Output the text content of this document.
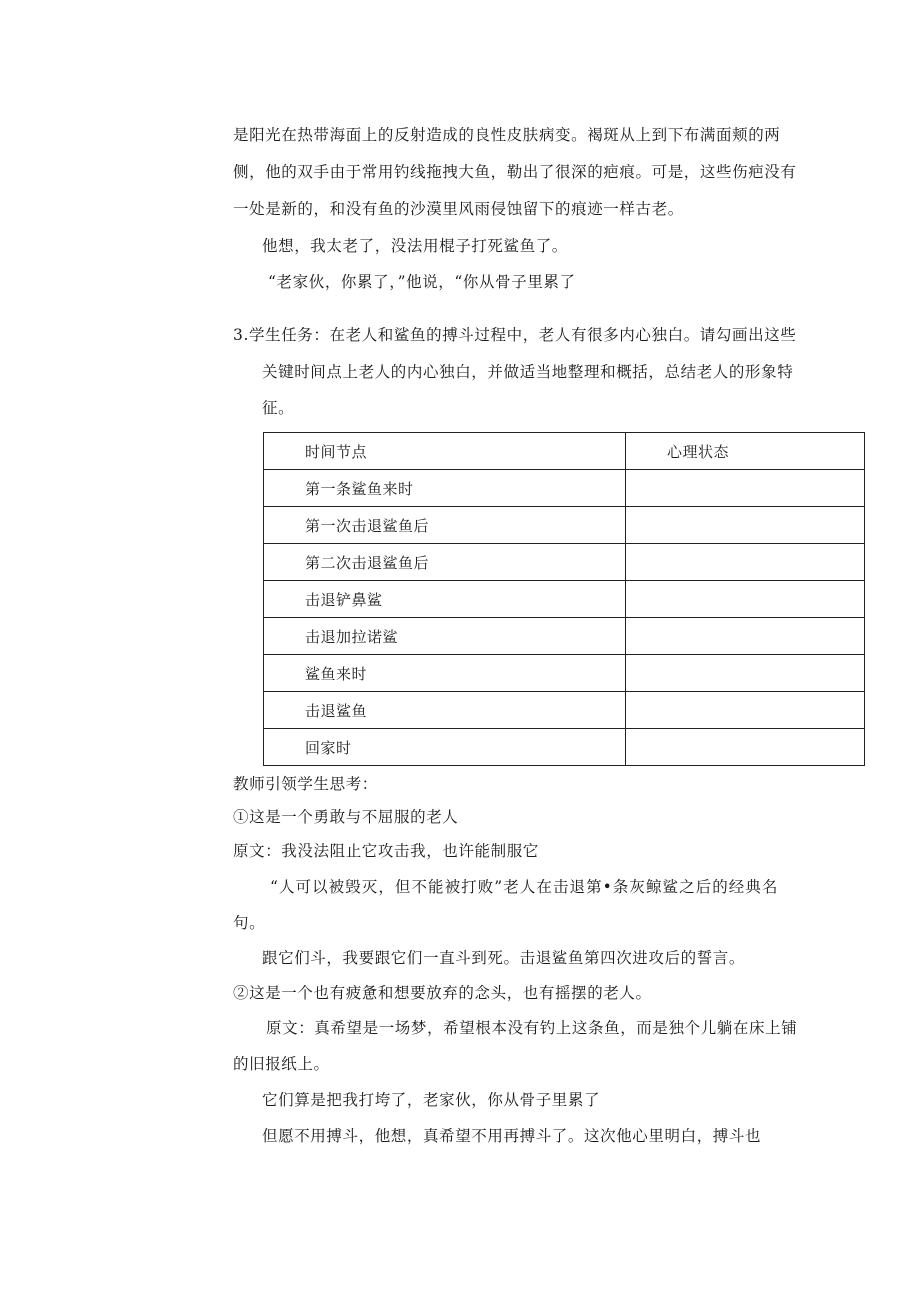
是阳光在热带海面上的反射造成的良性皮肤病变。褐斑从上到下布满面颊的两
侧，他的双手由于常用钓线拖拽大鱼，勒出了很深的疤痕。可是，这些伤疤没有
一处是新的，和没有鱼的沙漠里风雨侵蚀留下的痕迹一样古老。
他想，我太老了，没法用棍子打死鲨鱼了。
“老家伙，你累了，”他说，“你从骨子里累了
3.学生任务：在老人和鲨鱼的搏斗过程中，老人有很多内心独白。请勾画出这些
关键时间点上老人的内心独白，并做适当地整理和概括，总结老人的形象特
征。
时间节点	心理状态
第一条鲨鱼来时	
第一次击退鲨鱼后	
第二次击退鲨鱼后	
击退铲鼻鲨	
击退加拉诺鲨	
鲨鱼来时	
击退鲨鱼	
回家时	
教师引领学生思考：
①这是一个勇敢与不屈服的老人
原文：我没法阻止它攻击我，也许能制服它
“人可以被毁灭，但不能被打败”老人在击退第•条灰鲸鲨之后的经典名
句。
跟它们斗，我要跟它们一直斗到死。击退鲨鱼第四次进攻后的誓言。
②这是一个也有疲惫和想要放弃的念头，也有摇摆的老人。
原文：真希望是一场梦，希望根本没有钓上这条鱼，而是独个儿躺在床上铺
的旧报纸上。
它们算是把我打垮了，老家伙，你从骨子里累了
但愿不用搏斗，他想，真希望不用再搏斗了。这次他心里明白，搏斗也
